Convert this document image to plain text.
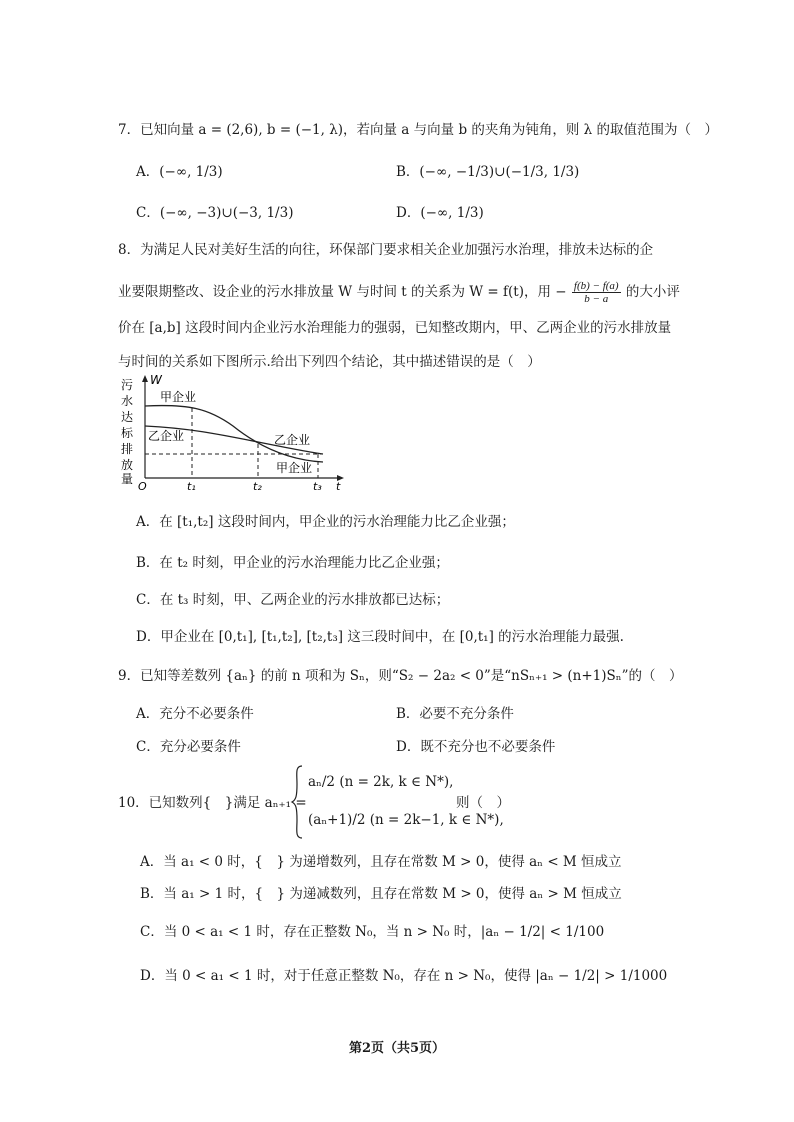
7．已知向量 a = (2,6), b = (−1, λ)，若向量 a 与向量 b 的夹角为钝角，则 λ 的取值范围为（　）
A．(−∞, 1/3)	B．(−∞, −1/3)∪(−1/3, 1/3)
C．(−∞, −3)∪(−3, 1/3)	D．(−∞, 1/3)
8．为满足人民对美好生活的向往，环保部门要求相关企业加强污水治理，排放未达标的企
业要限期整改、设企业的污水排放量 W 与时间 t 的关系为 W = f(t)，用 − $\frac{f(b) - f(a)}{b - a}$ 的大小评
价在 [a,b] 这段时间内企业污水治理能力的强弱，已知整改期内，甲、乙两企业的污水排放量
与时间的关系如下图所示.给出下列四个结论，其中描述错误的是（　）
污
水
达
标
排
放
量
W
t
O
甲企业
乙企业	乙企业
甲企业
t₁	t₂	t₃
A．在 [t₁,t₂] 这段时间内，甲企业的污水治理能力比乙企业强；
B．在 t₂ 时刻，甲企业的污水治理能力比乙企业强；
C．在 t₃ 时刻，甲、乙两企业的污水排放都已达标；
D．甲企业在 [0,t₁], [t₁,t₂], [t₂,t₃] 这三段时间中，在 [0,t₁] 的污水治理能力最强.
9．已知等差数列 {aₙ} 的前 n 项和为 Sₙ，则“S₂ − 2a₂ < 0”是“nSₙ₊₁ > (n+1)Sₙ”的（　）
A．充分不必要条件	B．必要不充分条件
C．充分必要条件	D．既不充分也不必要条件
10．已知数列{　}满足 aₙ₊₁ =
aₙ/2 (n = 2k, k ∈ N*),
(aₙ+1)/2 (n = 2k−1, k ∈ N*),
则（　）
A．当 a₁ < 0 时，{　} 为递增数列，且存在常数 M > 0，使得 aₙ < M 恒成立
B．当 a₁ > 1 时，{　} 为递减数列，且存在常数 M > 0，使得 aₙ > M 恒成立
C．当 0 < a₁ < 1 时，存在正整数 N₀，当 n > N₀ 时，|aₙ − 1/2| < 1/100
D．当 0 < a₁ < 1 时，对于任意正整数 N₀，存在 n > N₀，使得 |aₙ − 1/2| > 1/1000
第2页（共5页）
